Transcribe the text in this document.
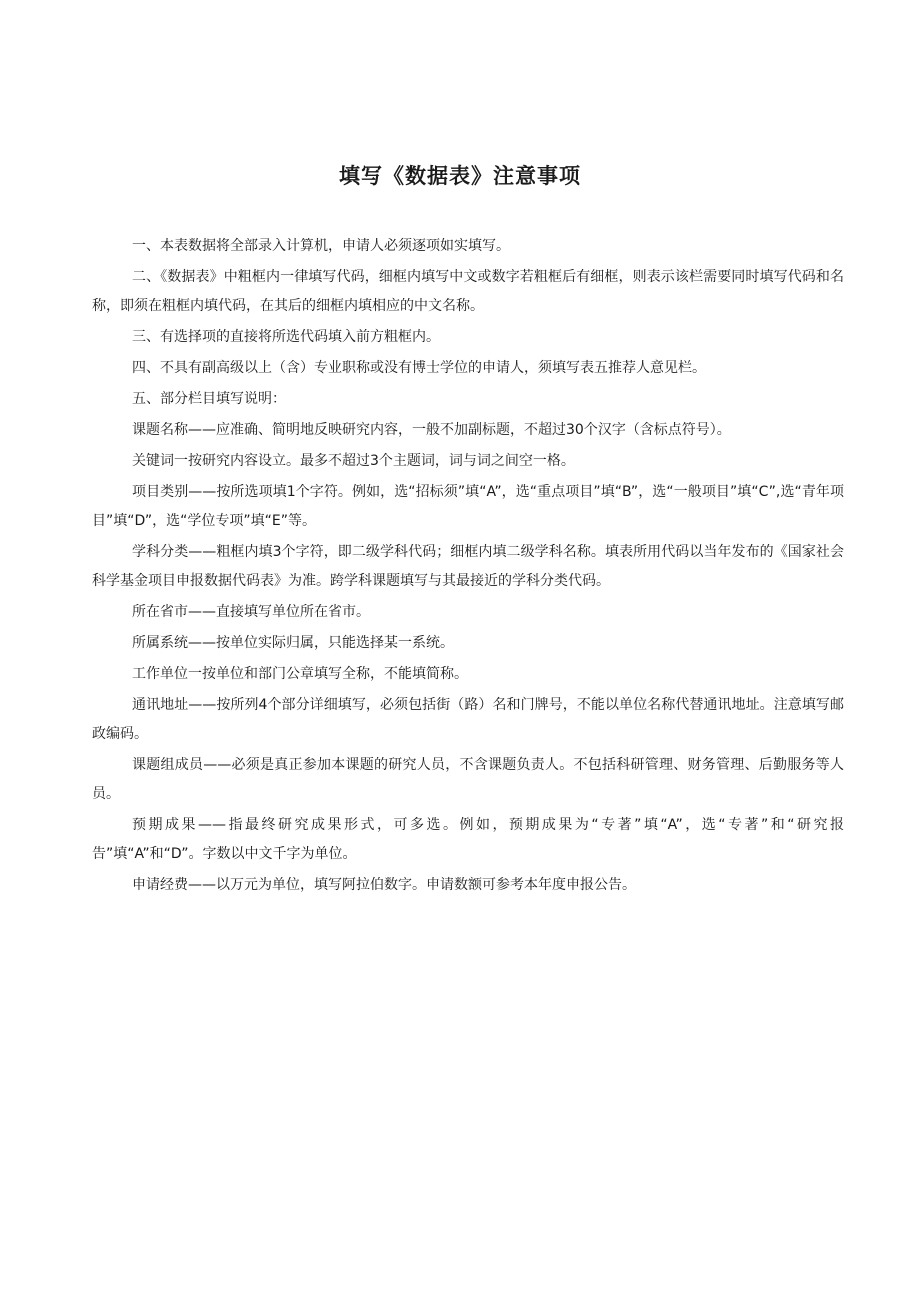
填写《数据表》注意事项

一、本表数据将全部录入计算机，申请人必须逐项如实填写。

二、《数据表》中粗框内一律填写代码，细框内填写中文或数字若粗框后有细框，则表示该栏需要同时填写代码和名称，即须在粗框内填代码，在其后的细框内填相应的中文名称。

三、有选择项的直接将所选代码填入前方粗框内。

四、不具有副高级以上（含）专业职称或没有博士学位的申请人，须填写表五推荐人意见栏。

五、部分栏目填写说明：

课题名称——应准确、简明地反映研究内容，一般不加副标题，不超过30个汉字（含标点符号）。

关键词一按研究内容设立。最多不超过3个主题词，词与词之间空一格。

项目类别——按所选项填1个字符。例如，选“招标须”填“A”，选“重点项目”填“B”，选“一般项目”填“C”,选“青年项目”填“D”，选“学位专项”填“E”等。

学科分类——粗框内填3个字符，即二级学科代码；细框内填二级学科名称。填表所用代码以当年发布的《国家社会科学基金项目申报数据代码表》为准。跨学科课题填写与其最接近的学科分类代码。

所在省市——直接填写单位所在省市。

所属系统——按单位实际归属，只能选择某一系统。

工作单位一按单位和部门公章填写全称，不能填简称。

通讯地址——按所列4个部分详细填写，必须包括街（路）名和门牌号，不能以单位名称代替通讯地址。注意填写邮政编码。

课题组成员——必须是真正参加本课题的研究人员，不含课题负责人。不包括科研管理、财务管理、后勤服务等人员。

预期成果——指最终研究成果形式，可多选。例如，预期成果为“专著”填“A”，选“专著”和“研究报告”填“A”和“D”。字数以中文千字为单位。

申请经费——以万元为单位，填写阿拉伯数字。申请数额可参考本年度申报公告。
